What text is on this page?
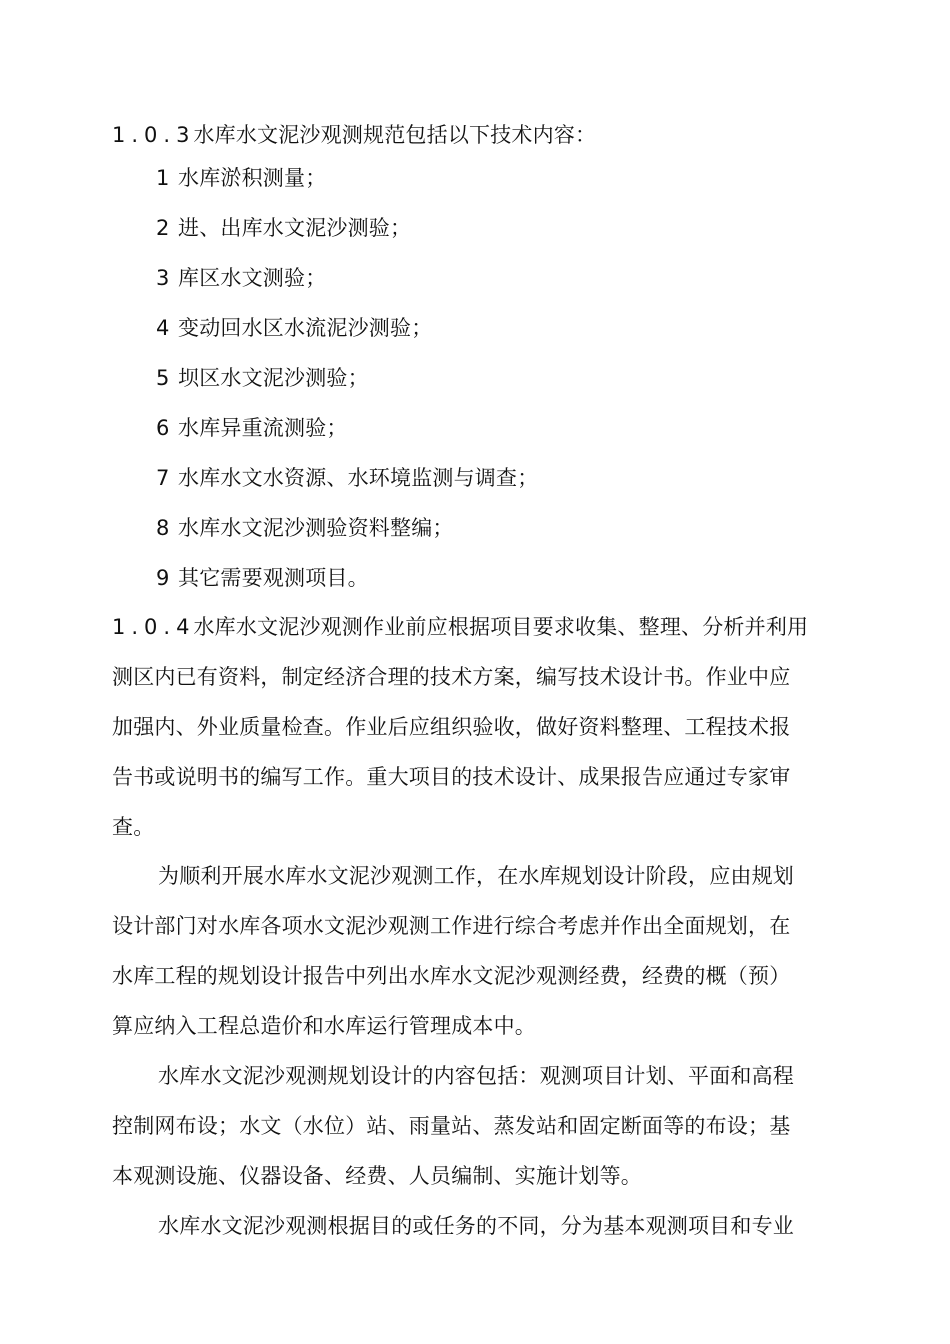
1.0.3水库水文泥沙观测规范包括以下技术内容：

1 水库淤积测量；

2 进、出库水文泥沙测验；

3 库区水文测验；

4 变动回水区水流泥沙测验；

5 坝区水文泥沙测验；

6 水库异重流测验；

7 水库水文水资源、水环境监测与调查；

8 水库水文泥沙测验资料整编；

9 其它需要观测项目。

1.0.4水库水文泥沙观测作业前应根据项目要求收集、整理、分析并利用

测区内已有资料，制定经济合理的技术方案，编写技术设计书。作业中应

加强内、外业质量检查。作业后应组织验收，做好资料整理、工程技术报

告书或说明书的编写工作。重大项目的技术设计、成果报告应通过专家审

查。

为顺利开展水库水文泥沙观测工作，在水库规划设计阶段，应由规划

设计部门对水库各项水文泥沙观测工作进行综合考虑并作出全面规划，在

水库工程的规划设计报告中列出水库水文泥沙观测经费，经费的概（预）

算应纳入工程总造价和水库运行管理成本中。

水库水文泥沙观测规划设计的内容包括：观测项目计划、平面和高程

控制网布设；水文（水位）站、雨量站、蒸发站和固定断面等的布设；基

本观测设施、仪器设备、经费、人员编制、实施计划等。

水库水文泥沙观测根据目的或任务的不同，分为基本观测项目和专业
